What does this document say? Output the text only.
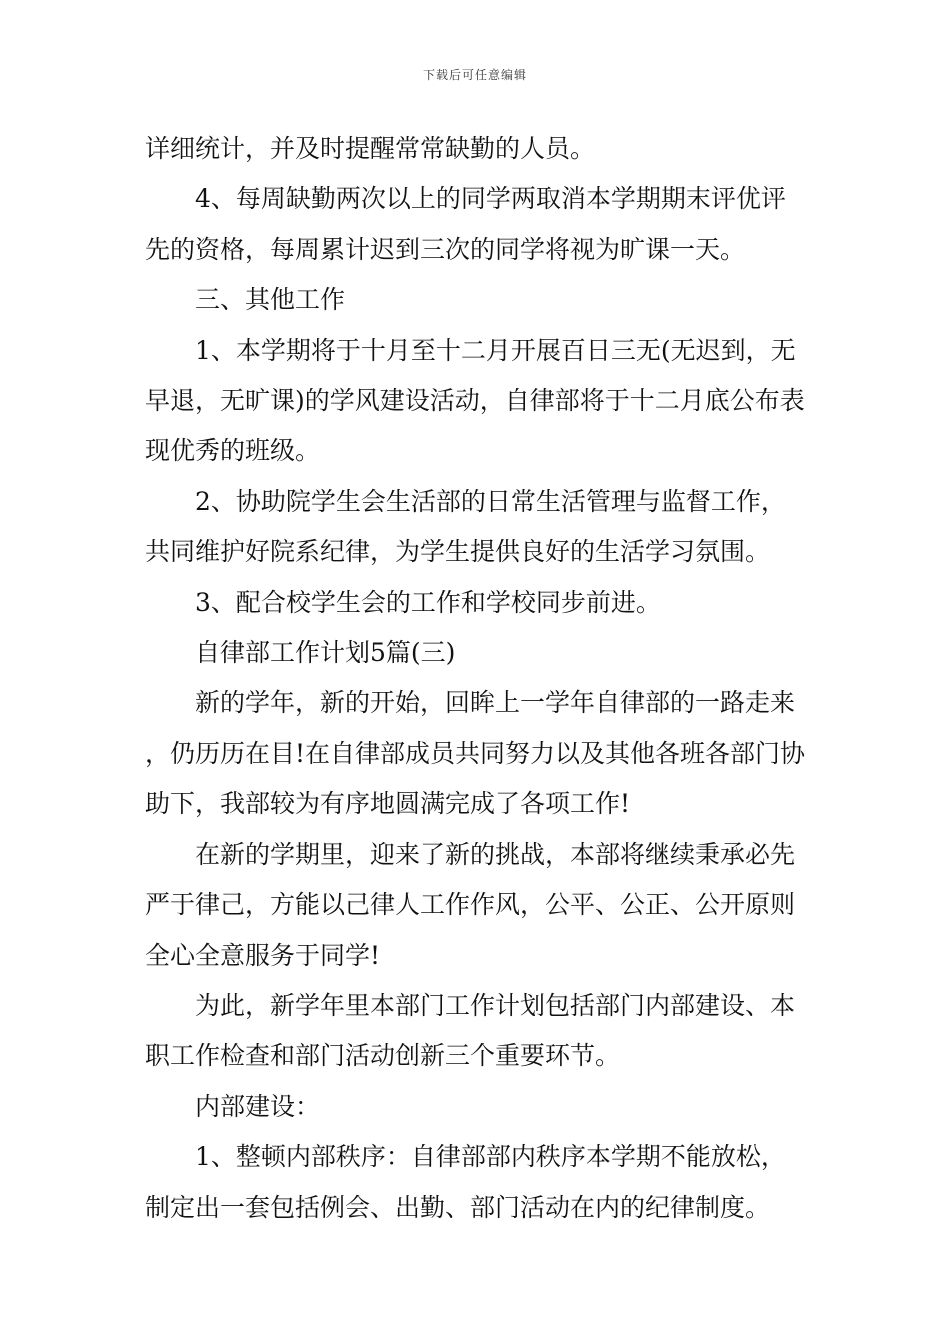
下载后可任意编辑

详细统计，并及时提醒常常缺勤的人员。

4、每周缺勤两次以上的同学两取消本学期期末评优评先的资格，每周累计迟到三次的同学将视为旷课一天。

三、其他工作

1、本学期将于十月至十二月开展百日三无(无迟到，无早退，无旷课)的学风建设活动，自律部将于十二月底公布表现优秀的班级。

2、协助院学生会生活部的日常生活管理与监督工作，共同维护好院系纪律，为学生提供良好的生活学习氛围。

3、配合校学生会的工作和学校同步前进。

自律部工作计划5篇(三)

新的学年，新的开始，回眸上一学年自律部的一路走来 ，仍历历在目!在自律部成员共同努力以及其他各班各部门协助下，我部较为有序地圆满完成了各项工作!

在新的学期里，迎来了新的挑战，本部将继续秉承必先严于律己，方能以己律人工作作风，公平、公正、公开原则全心全意服务于同学!

为此，新学年里本部门工作计划包括部门内部建设、本职工作检查和部门活动创新三个重要环节。

内部建设：

1、整顿内部秩序：自律部部内秩序本学期不能放松，制定出一套包括例会、出勤、部门活动在内的纪律制度。
